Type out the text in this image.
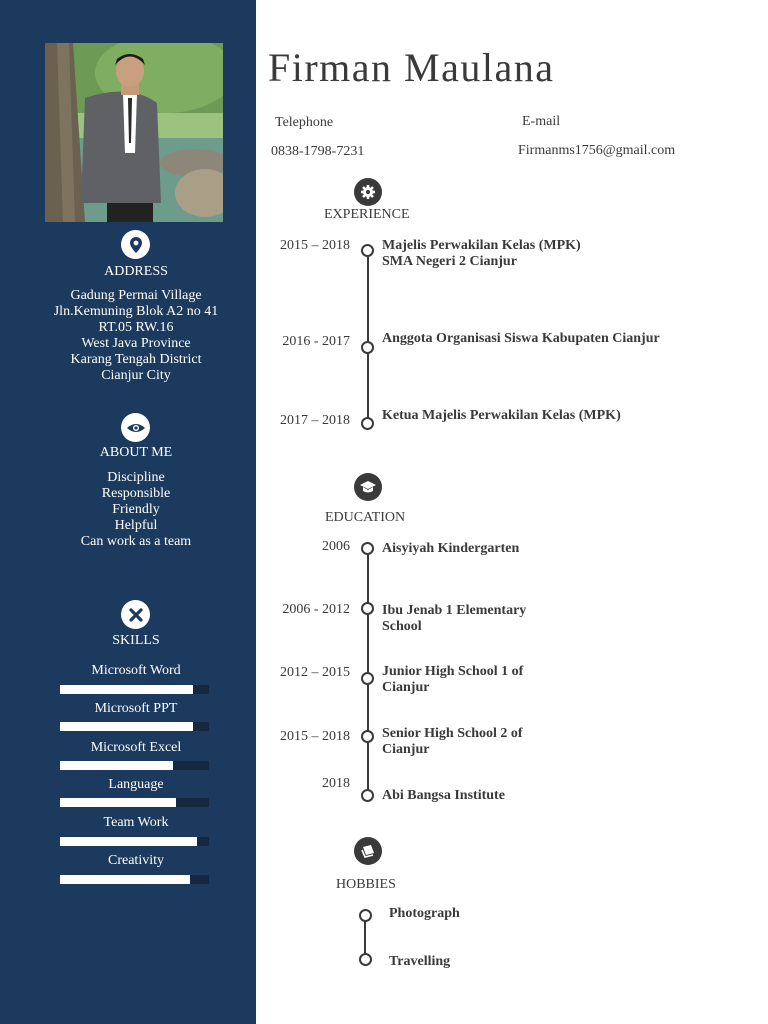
ADDRESS
Gadung Permai Village
Jln.Kemuning Blok A2 no 41
RT.05 RW.16
West Java Province
Karang Tengah District
Cianjur City
ABOUT ME
Discipline
Responsible
Friendly
Helpful
Can work as a team
SKILLS
Microsoft Word
Microsoft PPT
Microsoft Excel
Language
Team Work
Creativity
Firman Maulana
Telephone
0838-1798-7231
E-mail
Firmanms1756@gmail.com
EXPERIENCE
2015 – 2018 Majelis Perwakilan Kelas (MPK)
SMA Negeri 2 Cianjur
2016 - 2017 Anggota Organisasi Siswa Kabupaten Cianjur
2017 – 2018 Ketua Majelis Perwakilan Kelas (MPK)
EDUCATION
2006 Aisyiyah Kindergarten
2006 - 2012 Ibu Jenab 1 Elementary
School
2012 – 2015 Junior High School 1 of
Cianjur
2015 – 2018 Senior High School 2 of
Cianjur
2018
Abi Bangsa Institute
HOBBIES
Photograph
Travelling
